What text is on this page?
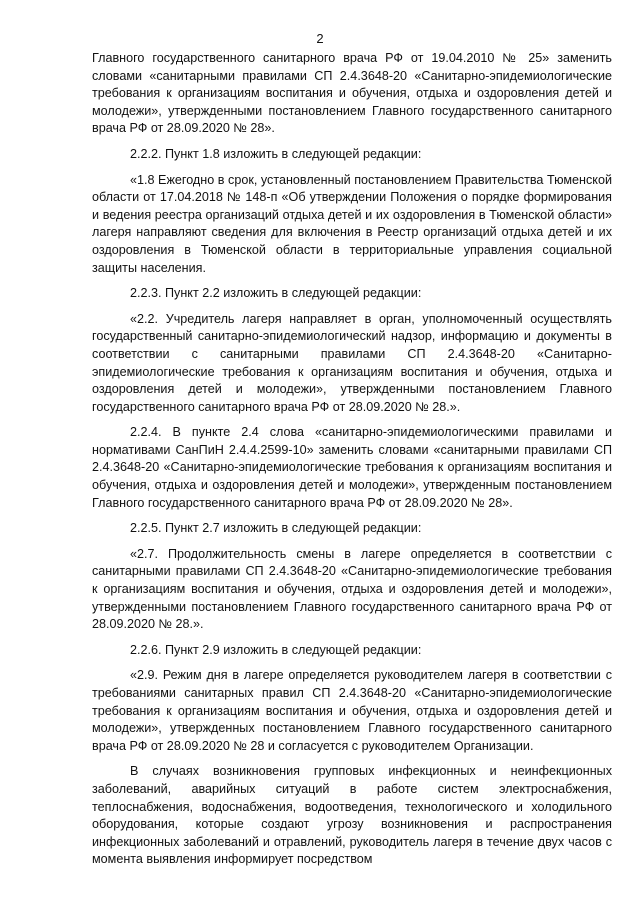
2

Главного государственного санитарного врача РФ от 19.04.2010 № 25» заменить словами «санитарными правилами СП 2.4.3648-20 «Санитарно-эпидемиологические требования к организациям воспитания и обучения, отдыха и оздоровления детей и молодежи», утвержденными постановлением Главного государственного санитарного врача РФ от 28.09.2020 № 28».

2.2.2. Пункт 1.8 изложить в следующей редакции:

«1.8 Ежегодно в срок, установленный постановлением Правительства Тюменской области от 17.04.2018 № 148-п «Об утверждении Положения о порядке формирования и ведения реестра организаций отдыха детей и их оздоровления в Тюменской области» лагеря направляют сведения для включения в Реестр организаций отдыха детей и их оздоровления в Тюменской области в территориальные управления социальной защиты населения.

2.2.3. Пункт 2.2 изложить в следующей редакции:

«2.2. Учредитель лагеря направляет в орган, уполномоченный осуществлять государственный санитарно-эпидемиологический надзор, информацию и документы в соответствии с санитарными правилами СП 2.4.3648-20 «Санитарно-эпидемиологические требования к организациям воспитания и обучения, отдыха и оздоровления детей и молодежи», утвержденными постановлением Главного государственного санитарного врача РФ от 28.09.2020 № 28.».

2.2.4. В пункте 2.4 слова «санитарно-эпидемиологическими правилами и нормативами СанПиН 2.4.4.2599-10» заменить словами «санитарными правилами СП 2.4.3648-20 «Санитарно-эпидемиологические требования к организациям воспитания и обучения, отдыха и оздоровления детей и молодежи», утвержденным постановлением Главного государственного санитарного врача РФ от 28.09.2020 № 28».

2.2.5. Пункт 2.7 изложить в следующей редакции:

«2.7. Продолжительность смены в лагере определяется в соответствии с санитарными правилами СП 2.4.3648-20 «Санитарно-эпидемиологические требования к организациям воспитания и обучения, отдыха и оздоровления детей и молодежи», утвержденными постановлением Главного государственного санитарного врача РФ от 28.09.2020 № 28.».

2.2.6. Пункт 2.9 изложить в следующей редакции:

«2.9. Режим дня в лагере определяется руководителем лагеря в соответствии с требованиями санитарных правил СП 2.4.3648-20 «Санитарно-эпидемиологические требования к организациям воспитания и обучения, отдыха и оздоровления детей и молодежи», утвержденных постановлением Главного государственного санитарного врача РФ от 28.09.2020 № 28 и согласуется с руководителем Организации.

В случаях возникновения групповых инфекционных и неинфекционных заболеваний, аварийных ситуаций в работе систем электроснабжения, теплоснабжения, водоснабжения, водоотведения, технологического и холодильного оборудования, которые создают угрозу возникновения и распространения инфекционных заболеваний и отравлений, руководитель лагеря в течение двух часов с момента выявления информирует посредством
